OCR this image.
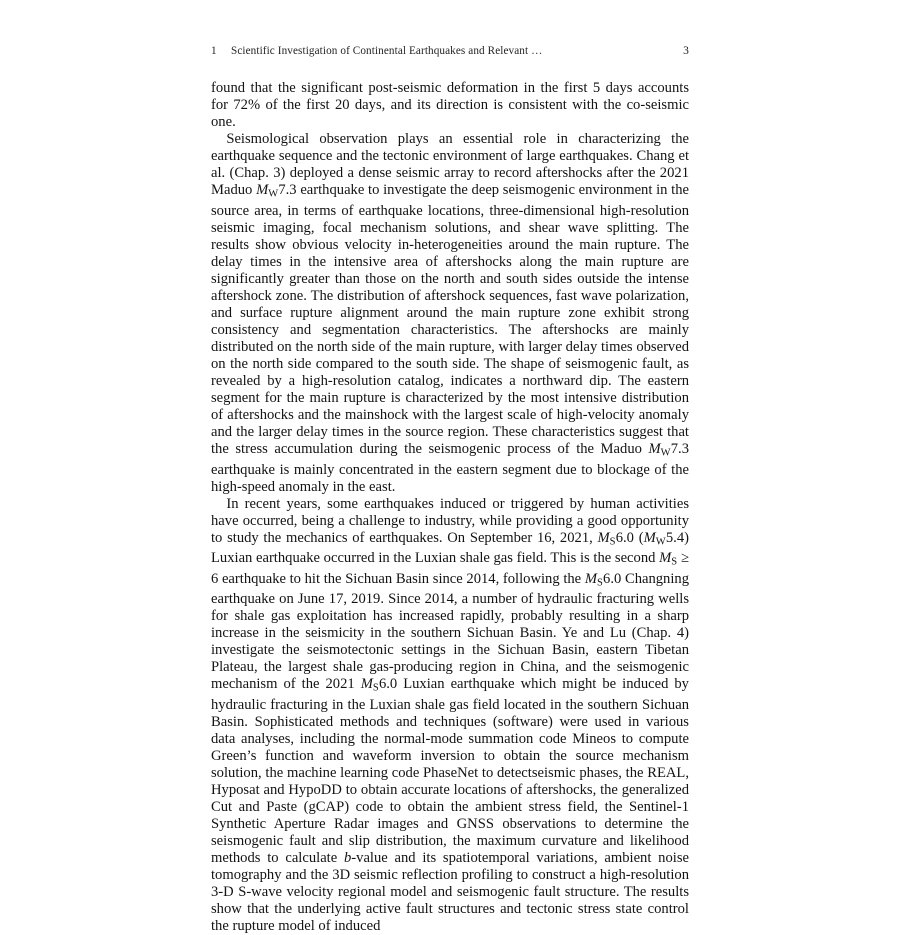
1	Scientific Investigation of Continental Earthquakes and Relevant …	3

found that the significant post-seismic deformation in the first 5 days accounts for 72% of the first 20 days, and its direction is consistent with the co-seismic one.

Seismological observation plays an essential role in characterizing the earthquake sequence and the tectonic environment of large earthquakes. Chang et al. (Chap. 3) deployed a dense seismic array to record aftershocks after the 2021 Maduo MW7.3 earthquake to investigate the deep seismogenic environment in the source area, in terms of earthquake locations, three-dimensional high-resolution seismic imaging, focal mechanism solutions, and shear wave splitting. The results show obvious velocity in-heterogeneities around the main rupture. The delay times in the intensive area of aftershocks along the main rupture are significantly greater than those on the north and south sides outside the intense aftershock zone. The distribution of aftershock sequences, fast wave polarization, and surface rupture alignment around the main rupture zone exhibit strong consistency and segmentation characteristics. The aftershocks are mainly distributed on the north side of the main rupture, with larger delay times observed on the north side compared to the south side. The shape of seismogenic fault, as revealed by a high-resolution catalog, indicates a northward dip. The eastern segment for the main rupture is characterized by the most intensive distribution of aftershocks and the mainshock with the largest scale of high-velocity anomaly and the larger delay times in the source region. These characteristics suggest that the stress accumulation during the seismogenic process of the Maduo MW7.3 earthquake is mainly concentrated in the eastern segment due to blockage of the high-speed anomaly in the east.

In recent years, some earthquakes induced or triggered by human activities have occurred, being a challenge to industry, while providing a good opportunity to study the mechanics of earthquakes. On September 16, 2021, MS6.0 (MW5.4) Luxian earthquake occurred in the Luxian shale gas field. This is the second MS ≥ 6 earthquake to hit the Sichuan Basin since 2014, following the MS6.0 Changning earthquake on June 17, 2019. Since 2014, a number of hydraulic fracturing wells for shale gas exploitation has increased rapidly, probably resulting in a sharp increase in the seismicity in the southern Sichuan Basin. Ye and Lu (Chap. 4) investigate the seismotectonic settings in the Sichuan Basin, eastern Tibetan Plateau, the largest shale gas-producing region in China, and the seismogenic mechanism of the 2021 MS6.0 Luxian earthquake which might be induced by hydraulic fracturing in the Luxian shale gas field located in the southern Sichuan Basin. Sophisticated methods and techniques (software) were used in various data analyses, including the normal-mode summation code Mineos to compute Green’s function and waveform inversion to obtain the source mechanism solution, the machine learning code PhaseNet to detectseismic phases, the REAL, Hyposat and HypoDD to obtain accurate locations of aftershocks, the generalized Cut and Paste (gCAP) code to obtain the ambient stress field, the Sentinel-1 Synthetic Aperture Radar images and GNSS observations to determine the seismogenic fault and slip distribution, the maximum curvature and likelihood methods to calculate b-value and its spatiotemporal variations, ambient noise tomography and the 3D seismic reflection profiling to construct a high-resolution 3-D S-wave velocity regional model and seismogenic fault structure. The results show that the underlying active fault structures and tectonic stress state control the rupture model of induced
